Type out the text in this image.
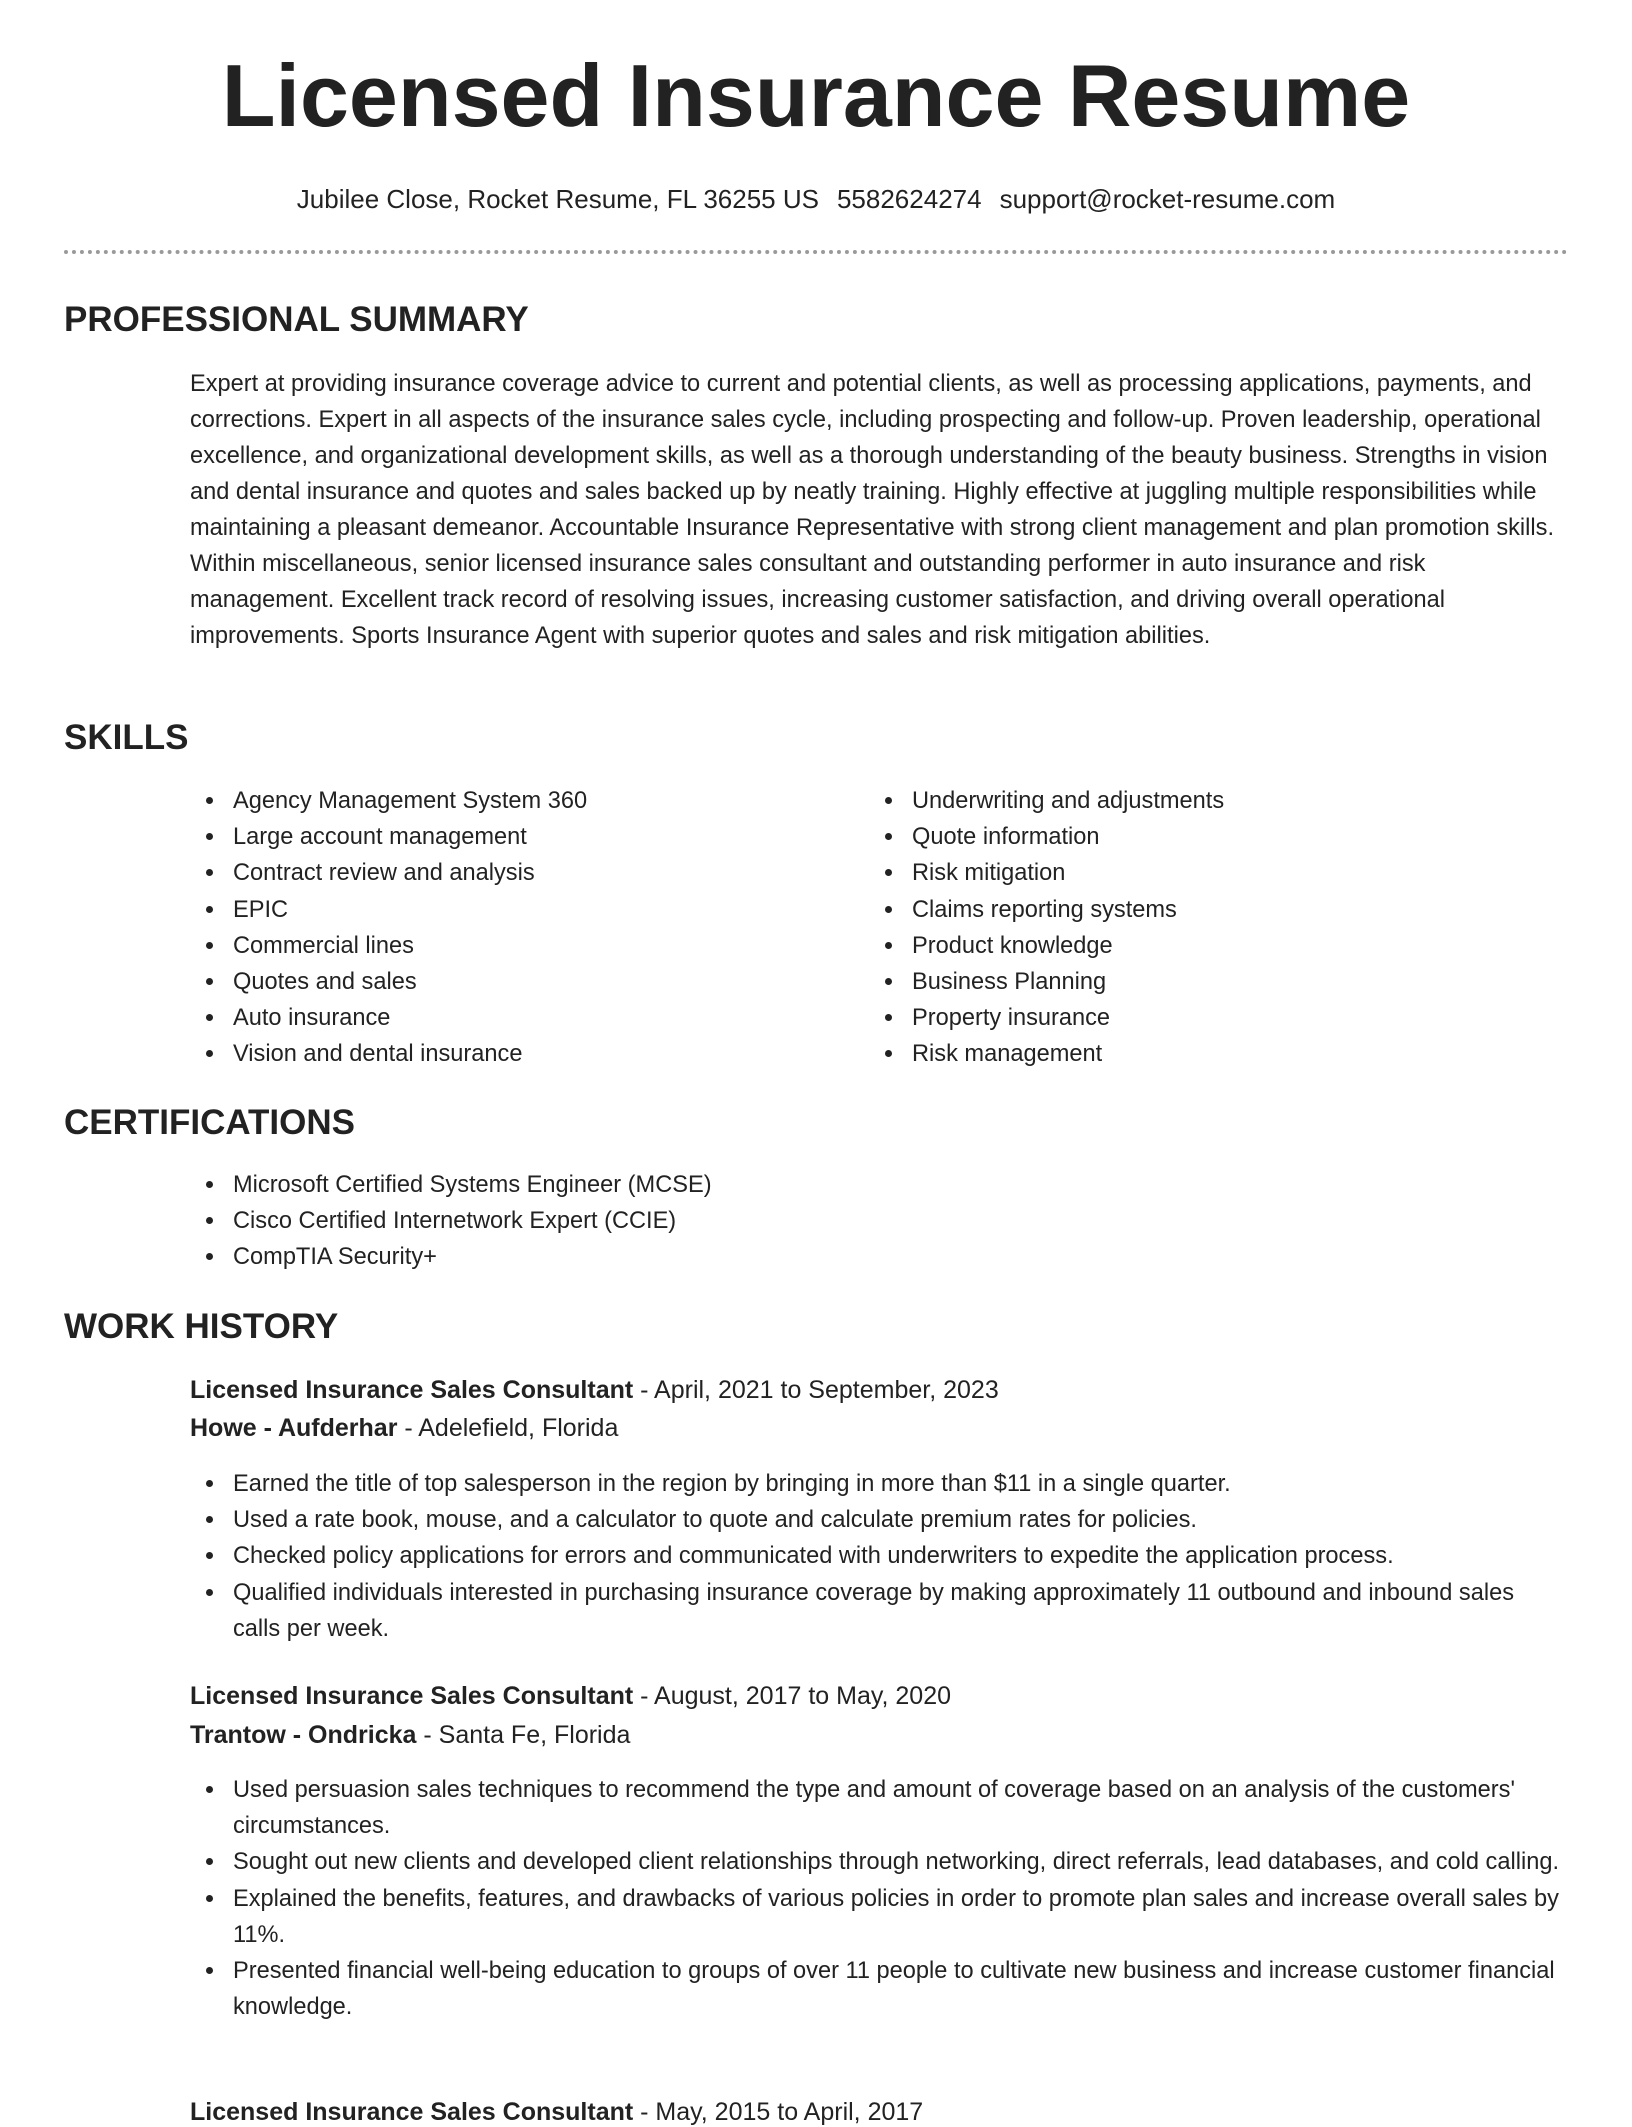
Licensed Insurance Resume
Jubilee Close, Rocket Resume, FL 36255 US 5582624274 support@rocket-resume.com
PROFESSIONAL SUMMARY
Expert at providing insurance coverage advice to current and potential clients, as well as processing applications, payments, and corrections. Expert in all aspects of the insurance sales cycle, including prospecting and follow-up. Proven leadership, operational excellence, and organizational development skills, as well as a thorough understanding of the beauty business. Strengths in vision and dental insurance and quotes and sales backed up by neatly training. Highly effective at juggling multiple responsibilities while maintaining a pleasant demeanor. Accountable Insurance Representative with strong client management and plan promotion skills. Within miscellaneous, senior licensed insurance sales consultant and outstanding performer in auto insurance and risk management. Excellent track record of resolving issues, increasing customer satisfaction, and driving overall operational improvements. Sports Insurance Agent with superior quotes and sales and risk mitigation abilities.
SKILLS
Agency Management System 360
Large account management
Contract review and analysis
EPIC
Commercial lines
Quotes and sales
Auto insurance
Vision and dental insurance
Underwriting and adjustments
Quote information
Risk mitigation
Claims reporting systems
Product knowledge
Business Planning
Property insurance
Risk management
CERTIFICATIONS
Microsoft Certified Systems Engineer (MCSE)
Cisco Certified Internetwork Expert (CCIE)
CompTIA Security+
WORK HISTORY
Licensed Insurance Sales Consultant - April, 2021 to September, 2023
Howe - Aufderhar - Adelefield, Florida
Earned the title of top salesperson in the region by bringing in more than $11 in a single quarter.
Used a rate book, mouse, and a calculator to quote and calculate premium rates for policies.
Checked policy applications for errors and communicated with underwriters to expedite the application process.
Qualified individuals interested in purchasing insurance coverage by making approximately 11 outbound and inbound sales calls per week.
Licensed Insurance Sales Consultant - August, 2017 to May, 2020
Trantow - Ondricka - Santa Fe, Florida
Used persuasion sales techniques to recommend the type and amount of coverage based on an analysis of the customers' circumstances.
Sought out new clients and developed client relationships through networking, direct referrals, lead databases, and cold calling.
Explained the benefits, features, and drawbacks of various policies in order to promote plan sales and increase overall sales by 11%.
Presented financial well-being education to groups of over 11 people to cultivate new business and increase customer financial knowledge.
Licensed Insurance Sales Consultant - May, 2015 to April, 2017
